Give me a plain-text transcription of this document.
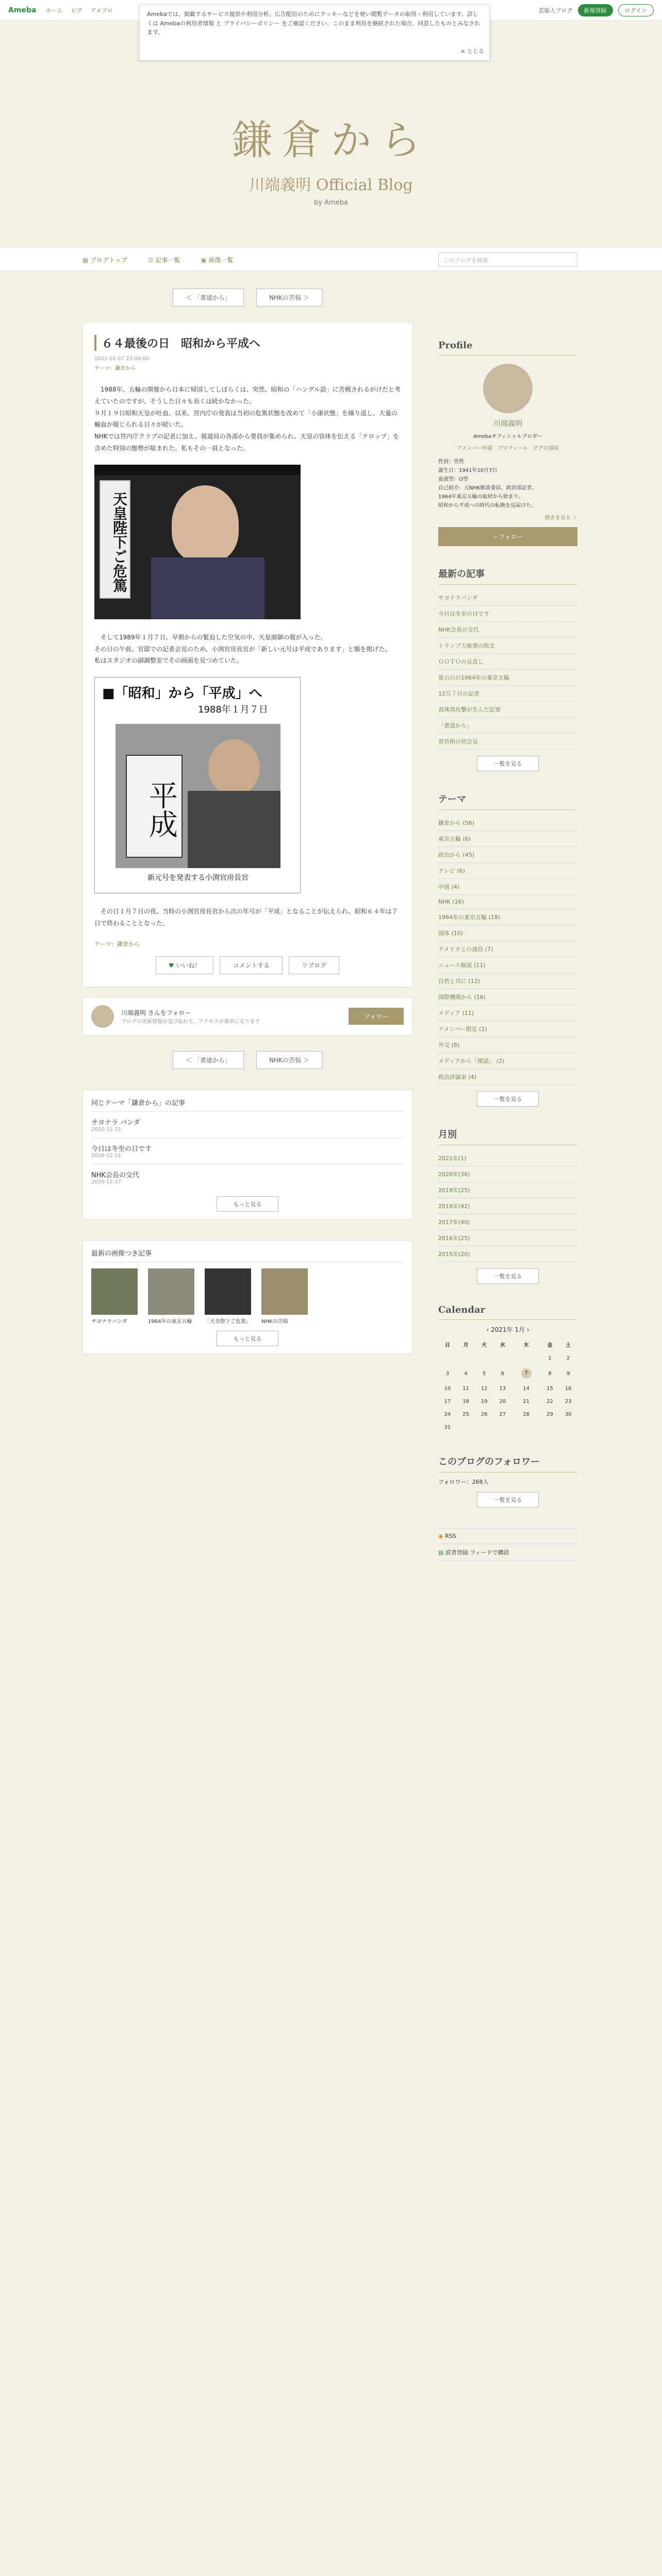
Ameba ホーム ピグ アメブロ	芸能人ブログ	新規登録	ログイン

Amebaでは、掲載するサービス提供や利用分析、広告配信のためにクッキーなどを使い閲覧データの取得・利用しています。詳しくは Amebaの利用者情報 と プライバシーポリシー をご確認ください。このまま利用を継続された場合、同意したものとみなされます。

× とじる
鎌倉から
川端義明 Official Blog
by Ameba
▦ ブログトップ	☰ 記事一覧	▣ 画像一覧	このブログを検索
＜ 「書道から」	NHKの苦悩 ＞
６４最後の日　昭和から平成へ
2021-01-07 23:00:00
テーマ：鎌倉から

　1988年、五輪の開催から日本に帰国してしばらくは、突然、昭和の「ハングル語」に苦戦されるがけだと考えていたのですが、そうした日々も長くは続かなかった。
９月１９日昭和天皇が吐血、以来、宮内庁の発表は当初の危篤状態を改めて「小康状態」を繰り返し、大量の輸血が報じられる日々が続いた。
NHKでは宮内庁クラブの記者に加え、報道局の各部から要員が集められ、天皇の容体を伝える「テロップ」を含めた特別の態勢が組まれた。私もその一員となった。

天皇陛下ご危篤

　そして1989年１月７日。早朝からの緊迫した空気の中、天皇崩御の報が入った。
その日の午前、官邸での記者会見のため、小渕官房長官が「新しい元号は平成であります」と額を掲げた。
私はスタジオの副調整室でその画面を見つめていた。

■「昭和」から「平成」へ
1988年１月７日
平成
新元号を発表する小渕官房長官

　その日１月７日の夜、当時の小渕官房長官から次の年号が「平成」となることが伝えられ、昭和６４年は７日で終わることとなった。

テーマ：鎌倉から
♥ いいね！	コメントする	リブログ
川端義明 さんをフォロー
ブログの更新情報が受け取れて、アクセスが簡単になります
フォロー
＜ 「書道から」	NHKの苦悩 ＞
同じテーマ「鎌倉から」の記事
サヨナラ バンダ
2020-12-31
今日は冬至の日です
2020-12-21
NHK会長の交代
2020-12-17
もっと見る
最新の画像つき記事
サヨナラバンダ	1964年の東京五輪	「天皇陛下ご危篤」 NHKの苦悩
もっと見る
Profile
川端義明
Amebaオフィシャルブロガー
アメンバー申請 プロフィール ピグの部屋

性別：男性
誕生日：1941年10月7日
血液型：O型
自己紹介：元NHK解説委員、政治部記者。
1964年東京五輪の取材から始まり、
昭和から平成への時代の転換を見届けた。

続きを見る ＞
＋フォロー
最新の記事
サヨナラバンダ
今日は冬至の日です
NHK会長の交代
トランプ大統領の敗北
ＧＯＴＯの見直し
夏の日の1964年の東京五輪
12月７日の記者
真珠湾攻撃が生んだ記事
「書道から」
菅首相の初会見
一覧を見る
テーマ
鎌倉から (56)
東京五輪 (6)
政治から (45)
テレビ (6)
中国 (4)
NHK (16)
1964年の東京五輪 (18)
国体 (10)
アメリカとの通信 (7)
ニュース解説 (11)
自然と共に (12)
国際機関から (16)
メディア (11)
アメンバー限定 (1)
外交 (8)
メディアから「閑話」 (2)
政治評論家 (4)
一覧を見る
月別
2021年(1)
2020年(36)
2019年(25)
2018年(42)
2017年(40)
2016年(25)
2015年(20)
一覧を見る
Calendar
‹ 2021年 1月 ›
日	月	火	水	木	金	土
					1	2
3	4	5	6	7	8	9
10	11	12	13	14	15	16
17	18	19	20	21	22	23
24	25	26	27	28	29	30
31						
このブログのフォロワー
フォロワー：268人
一覧を見る
◉ RSS
▤ 読者登録 フィードで購読
